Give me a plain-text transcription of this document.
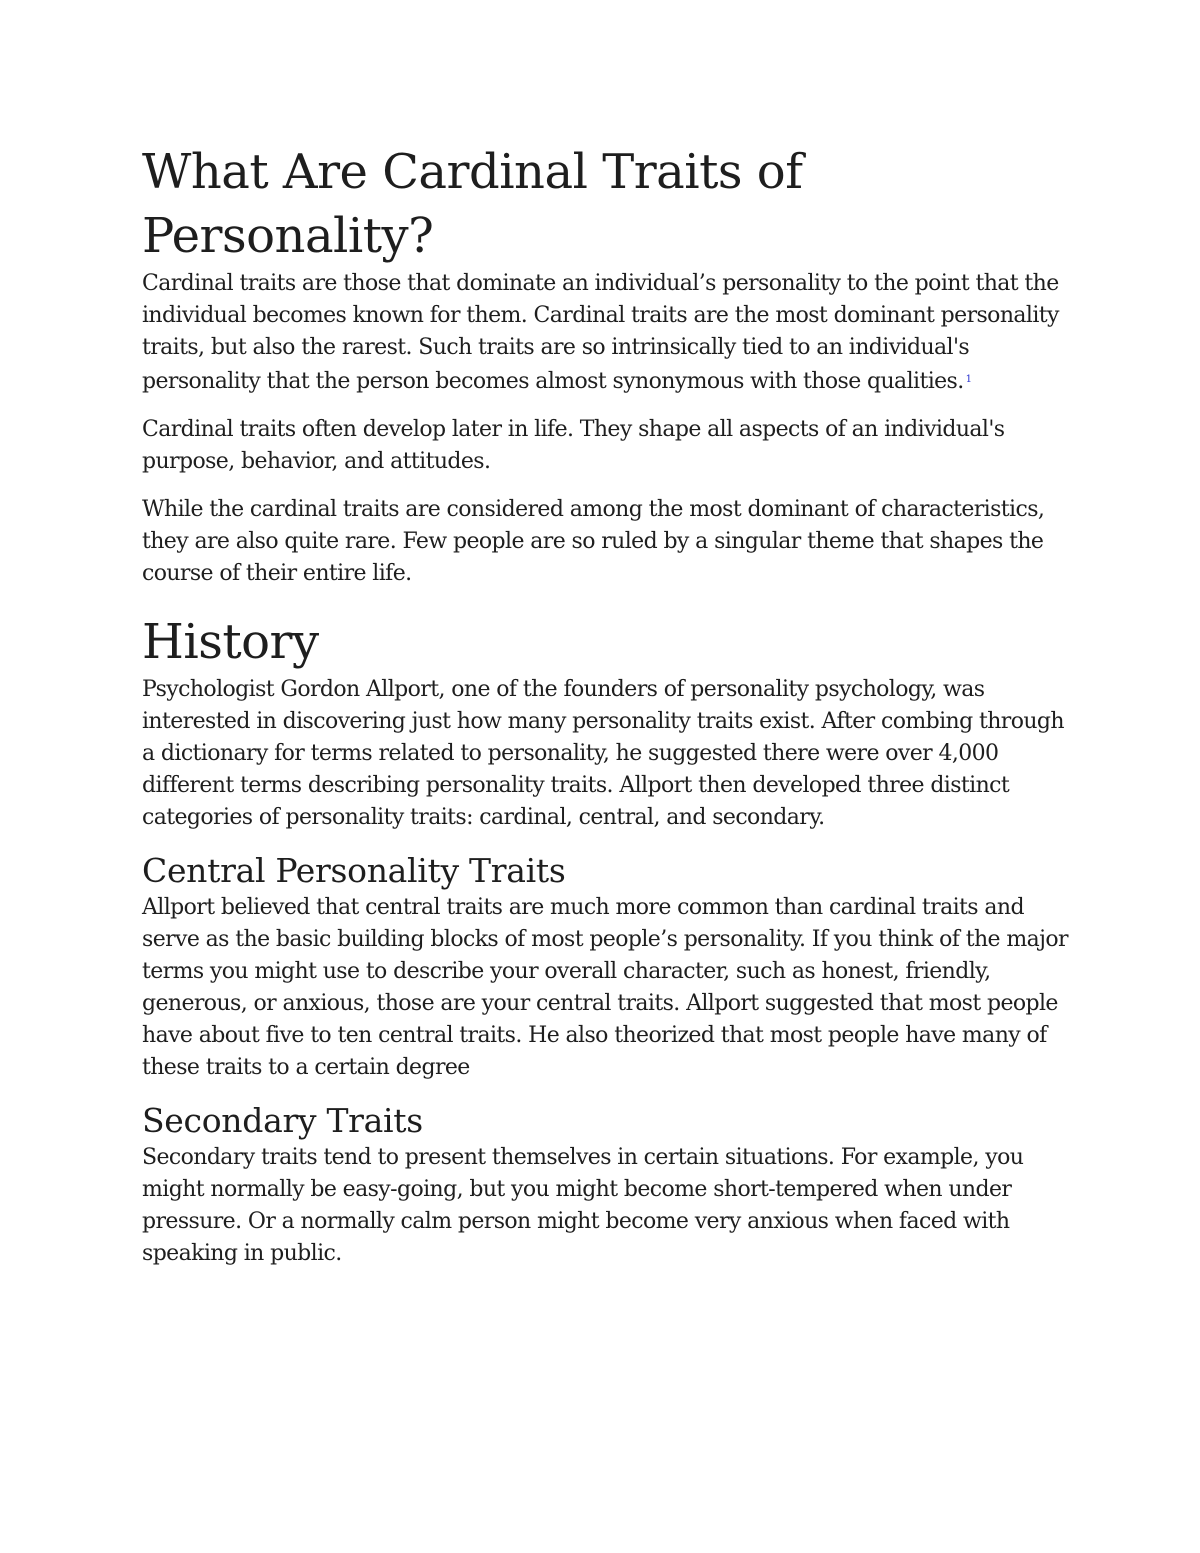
What Are Cardinal Traits of Personality?

Cardinal traits are those that dominate an individual’s personality to the point that the individual becomes known for them. Cardinal traits are the most dominant personality traits, but also the rarest. Such traits are so intrinsically tied to an individual's personality that the person becomes almost synonymous with those qualities. $^1$

Cardinal traits often develop later in life. They shape all aspects of an individual's purpose, behavior, and attitudes.

While the cardinal traits are considered among the most dominant of characteristics, they are also quite rare. Few people are so ruled by a singular theme that shapes the course of their entire life.

History

Psychologist Gordon Allport, one of the founders of personality psychology, was interested in discovering just how many personality traits exist. After combing through a dictionary for terms related to personality, he suggested there were over 4,000 different terms describing personality traits. Allport then developed three distinct categories of personality traits: cardinal, central, and secondary.

Central Personality Traits

Allport believed that central traits are much more common than cardinal traits and serve as the basic building blocks of most people’s personality. If you think of the major terms you might use to describe your overall character, such as honest, friendly, generous, or anxious, those are your central traits. Allport suggested that most people have about five to ten central traits. He also theorized that most people have many of these traits to a certain degree

Secondary Traits

Secondary traits tend to present themselves in certain situations. For example, you might normally be easy-going, but you might become short-tempered when under pressure. Or a normally calm person might become very anxious when faced with speaking in public.
